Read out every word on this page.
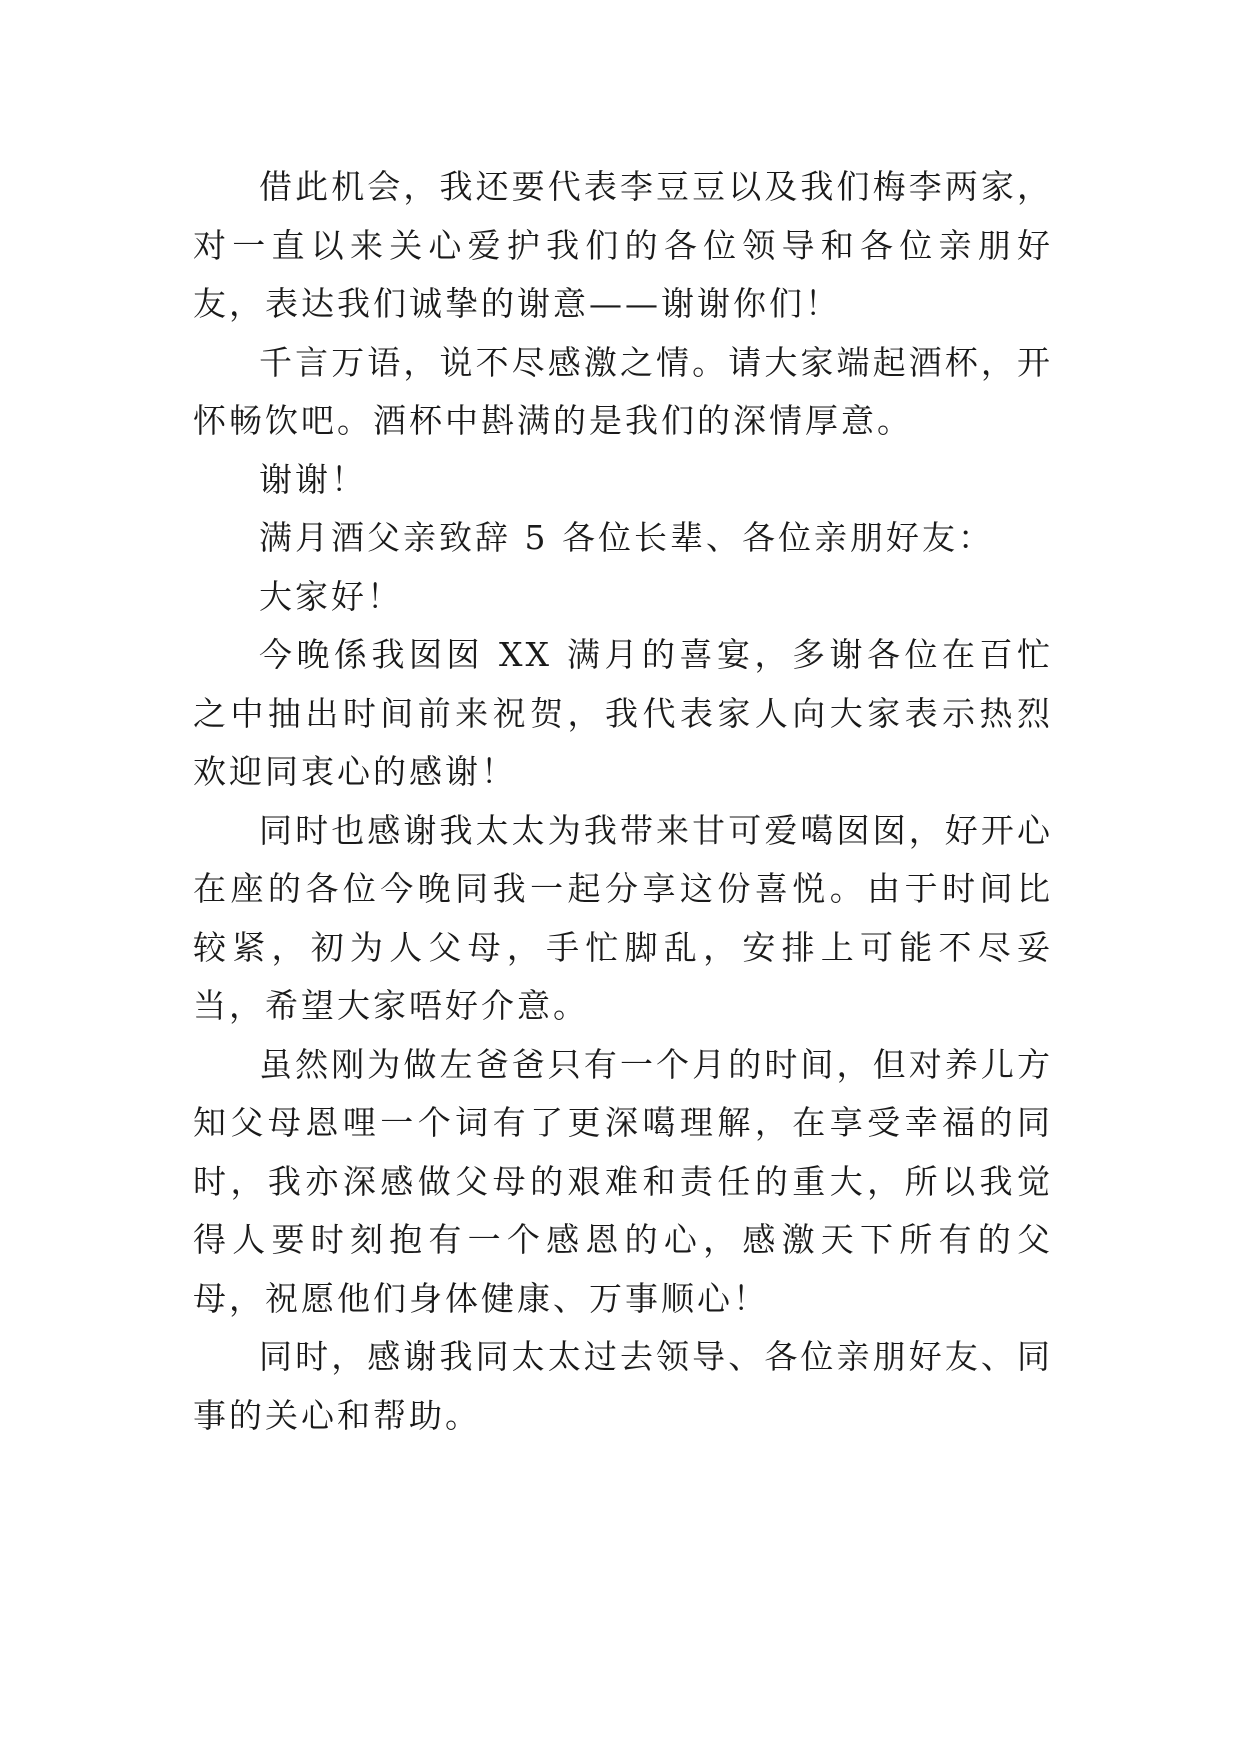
借此机会，我还要代表李豆豆以及我们梅李两家，对一直以来关心爱护我们的各位领导和各位亲朋好友，表达我们诚挚的谢意——谢谢你们！

千言万语，说不尽感激之情。请大家端起酒杯，开怀畅饮吧。酒杯中斟满的是我们的深情厚意。

谢谢！

满月酒父亲致辞 5 各位长辈、各位亲朋好友：

大家好！

今晚係我囡囡 XX 满月的喜宴，多谢各位在百忙之中抽出时间前来祝贺，我代表家人向大家表示热烈欢迎同衷心的感谢！

同时也感谢我太太为我带来甘可爱噶囡囡，好开心在座的各位今晚同我一起分享这份喜悦。由于时间比较紧，初为人父母，手忙脚乱，安排上可能不尽妥当，希望大家唔好介意。

虽然刚为做左爸爸只有一个月的时间，但对养儿方知父母恩哩一个词有了更深噶理解，在享受幸福的同时，我亦深感做父母的艰难和责任的重大，所以我觉得人要时刻抱有一个感恩的心，感激天下所有的父母，祝愿他们身体健康、万事顺心！

同时，感谢我同太太过去领导、各位亲朋好友、同事的关心和帮助。
